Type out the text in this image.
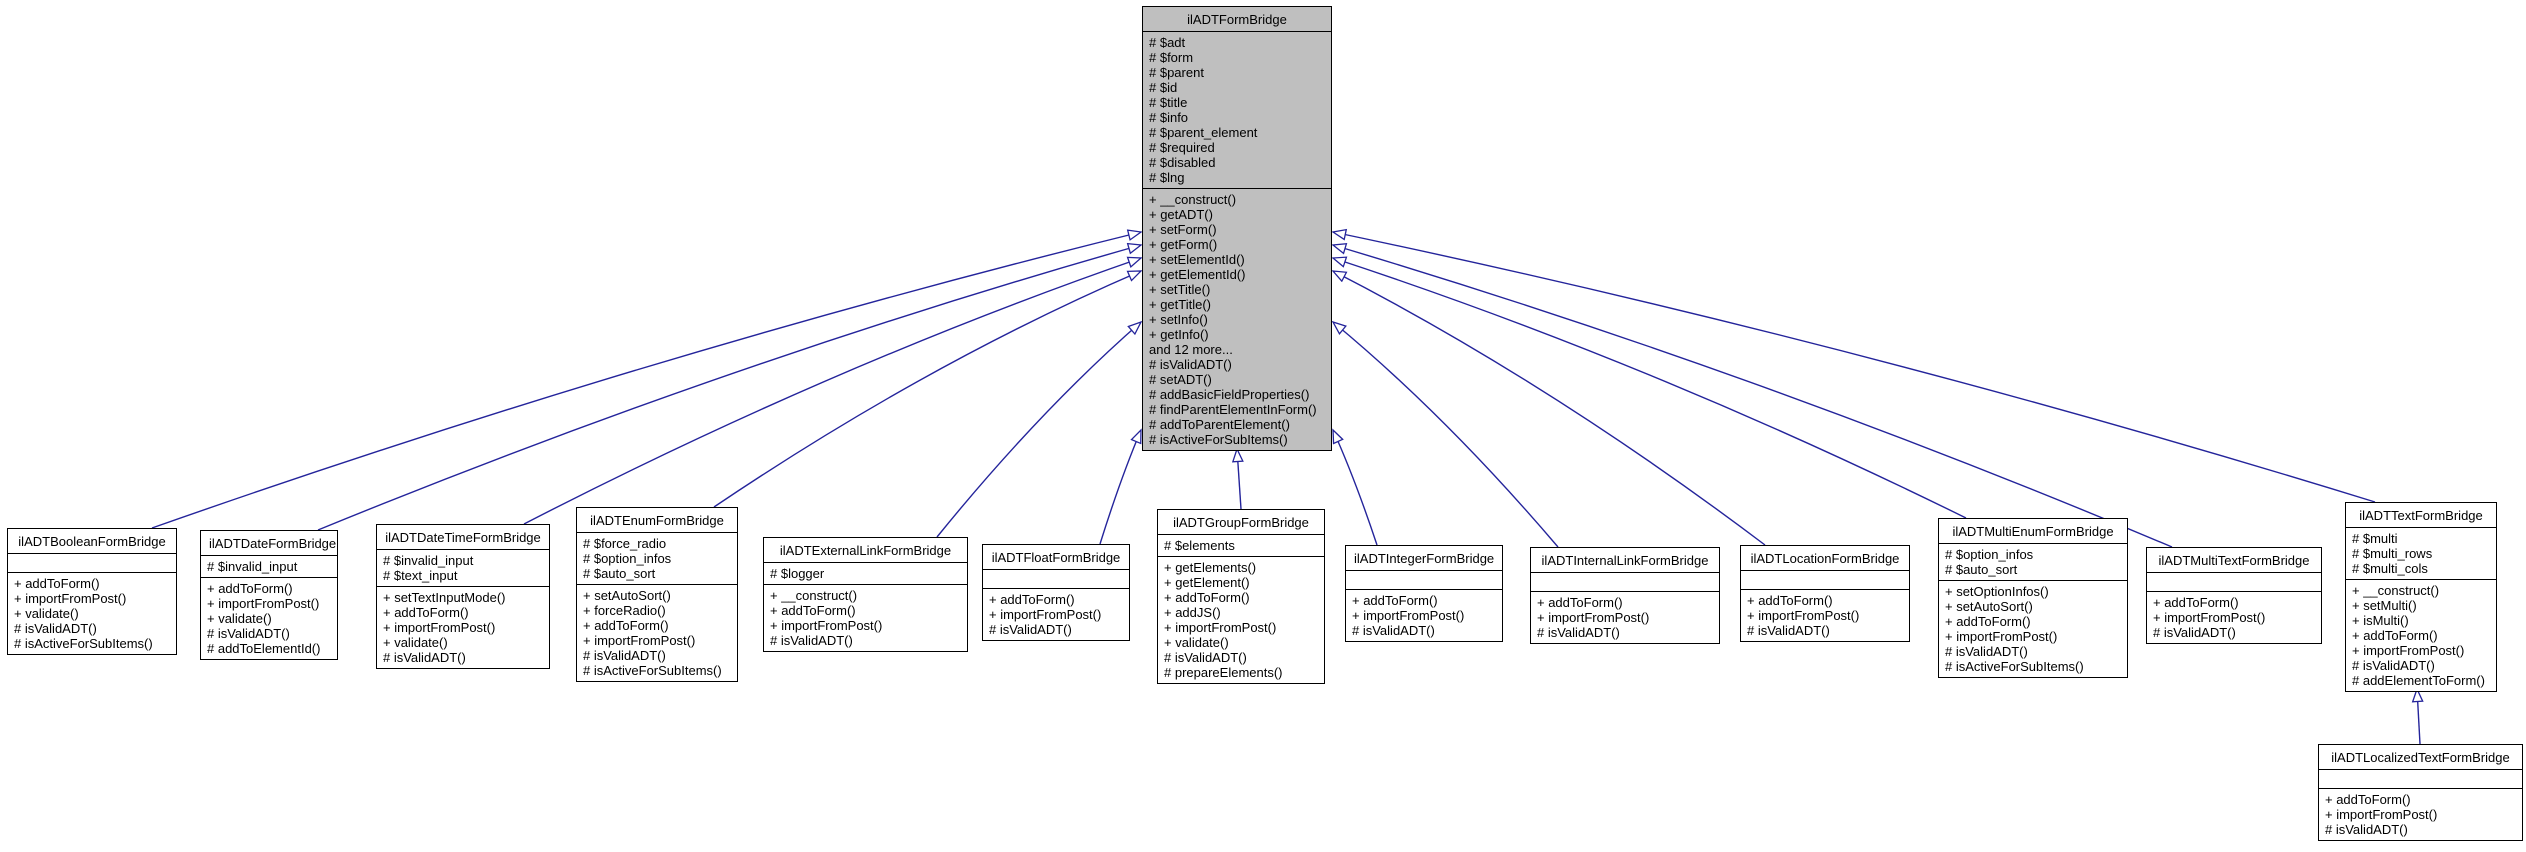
ilADTFormBridge
# $adt
# $form
# $parent
# $id
# $title
# $info
# $parent_element
# $required
# $disabled
# $lng
+ __construct()
+ getADT()
+ setForm()
+ getForm()
+ setElementId()
+ getElementId()
+ setTitle()
+ getTitle()
+ setInfo()
+ getInfo()
and 12 more...
# isValidADT()
# setADT()
# addBasicFieldProperties()
# findParentElementInForm()
# addToParentElement()
# isActiveForSubItems()
ilADTBooleanFormBridge
+ addToForm()
+ importFromPost()
+ validate()
# isValidADT()
# isActiveForSubItems()
ilADTDateFormBridge
# $invalid_input
+ addToForm()
+ importFromPost()
+ validate()
# isValidADT()
# addToElementId()
ilADTDateTimeFormBridge
# $invalid_input
# $text_input
+ setTextInputMode()
+ addToForm()
+ importFromPost()
+ validate()
# isValidADT()
ilADTEnumFormBridge
# $force_radio
# $option_infos
# $auto_sort
+ setAutoSort()
+ forceRadio()
+ addToForm()
+ importFromPost()
# isValidADT()
# isActiveForSubItems()
ilADTExternalLinkFormBridge
# $logger
+ __construct()
+ addToForm()
+ importFromPost()
# isValidADT()
ilADTFloatFormBridge
+ addToForm()
+ importFromPost()
# isValidADT()
ilADTGroupFormBridge
# $elements
+ getElements()
+ getElement()
+ addToForm()
+ addJS()
+ importFromPost()
+ validate()
# isValidADT()
# prepareElements()
ilADTIntegerFormBridge
+ addToForm()
+ importFromPost()
# isValidADT()
ilADTInternalLinkFormBridge
+ addToForm()
+ importFromPost()
# isValidADT()
ilADTLocationFormBridge
+ addToForm()
+ importFromPost()
# isValidADT()
ilADTMultiEnumFormBridge
# $option_infos
# $auto_sort
+ setOptionInfos()
+ setAutoSort()
+ addToForm()
+ importFromPost()
# isValidADT()
# isActiveForSubItems()
ilADTMultiTextFormBridge
+ addToForm()
+ importFromPost()
# isValidADT()
ilADTTextFormBridge
# $multi
# $multi_rows
# $multi_cols
+ __construct()
+ setMulti()
+ isMulti()
+ addToForm()
+ importFromPost()
# isValidADT()
# addElementToForm()
ilADTLocalizedTextFormBridge
+ addToForm()
+ importFromPost()
# isValidADT()
